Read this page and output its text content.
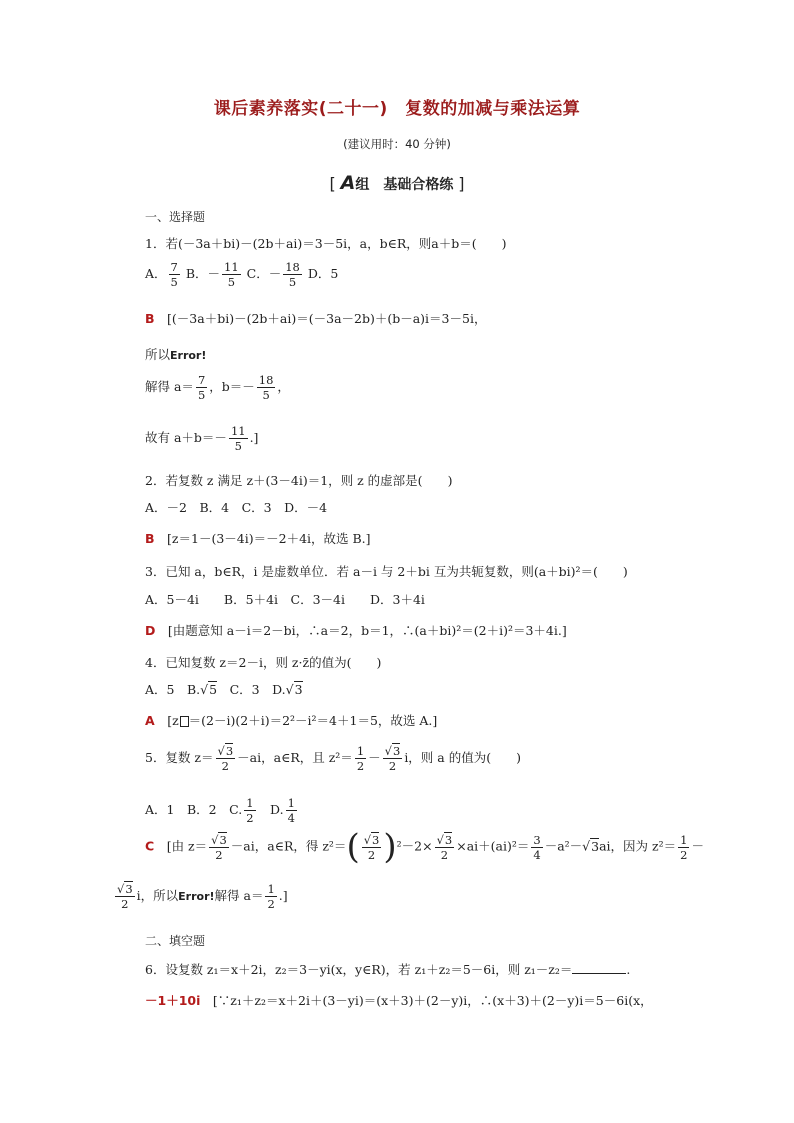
课后素养落实(二十一)　复数的加减与乘法运算
(建议用时：40 分钟)
[ A组　基础合格练 ]
一、选择题
1．若(－3a＋bi)－(2b＋ai)＝3－5i，a，b∈R，则a＋b＝(　　)
A． $\frac{7}{5}$ B．－ $\frac{11}{5}$ C．－ $\frac{18}{5}$ D．5
B　 [(－3a＋bi)－(2b＋ai)＝(－3a－2b)＋(b－a)i＝3－5i，
所以Error!
解得 $a= \frac{7}{5}$ ，$b=- \frac{18}{5}$ ，
故有 $a+b=- \frac{11}{5}$ .]
2．若复数 z 满足 z＋(3－4i)＝1，则 z 的虚部是(　　)
A．－2　B．4　C．3　D．－4
B　 [z＝1－(3－4i)＝－2＋4i，故选 B.]
3．已知 a，b∈R，i 是虚数单位．若 a－i 与 2＋bi 互为共轭复数，则(a＋bi)²＝(　　)
A．5－4i　　B．5＋4i　C．3－4i　　D．3＋4i
D　 [由题意知 a－i＝2－bi，∴a＝2，b＝1，∴(a＋bi)²＝(2＋i)²＝3＋4i.]
4．已知复数 z＝2－i，则 z·z̄的值为(　　)
A．5　B.√5　C．3　D.√3
A　 [z ＝(2－i)(2＋i)＝2²－i²＝4＋1＝5，故选 A.]
5．复数 $z= \frac{√3}{2} -ai$，a∈R，且 $z^2= \frac{1}{2} - \frac{√3}{2}$ i，则 a 的值为(　　)
A．1　B．2　C. $\frac{1}{2}$ 　D. $\frac{1}{4}$
C　 [由 $z= \frac{√3}{2} -ai$，a∈R，得 $z^2=( \frac{√3}{2} )^2-2\times \frac{√3}{2} \times ai+(ai)^2= \frac{3}{4} -a^2-√3ai$，因为 $z^2= \frac{1}{2}$ －
$\frac{√3}{2}$ i，所以Error!解得 $a= \frac{1}{2}$ .]
二、填空题
6．设复数 z₁＝x＋2i，z₂＝3－yi(x，y∈R)，若 z₁＋z₂＝5－6i，则 z₁－z₂＝	.
－1＋10i　 [∵z₁＋z₂＝x＋2i＋(3－yi)＝(x＋3)＋(2－y)i，∴(x＋3)＋(2－y)i＝5－6i(x，
